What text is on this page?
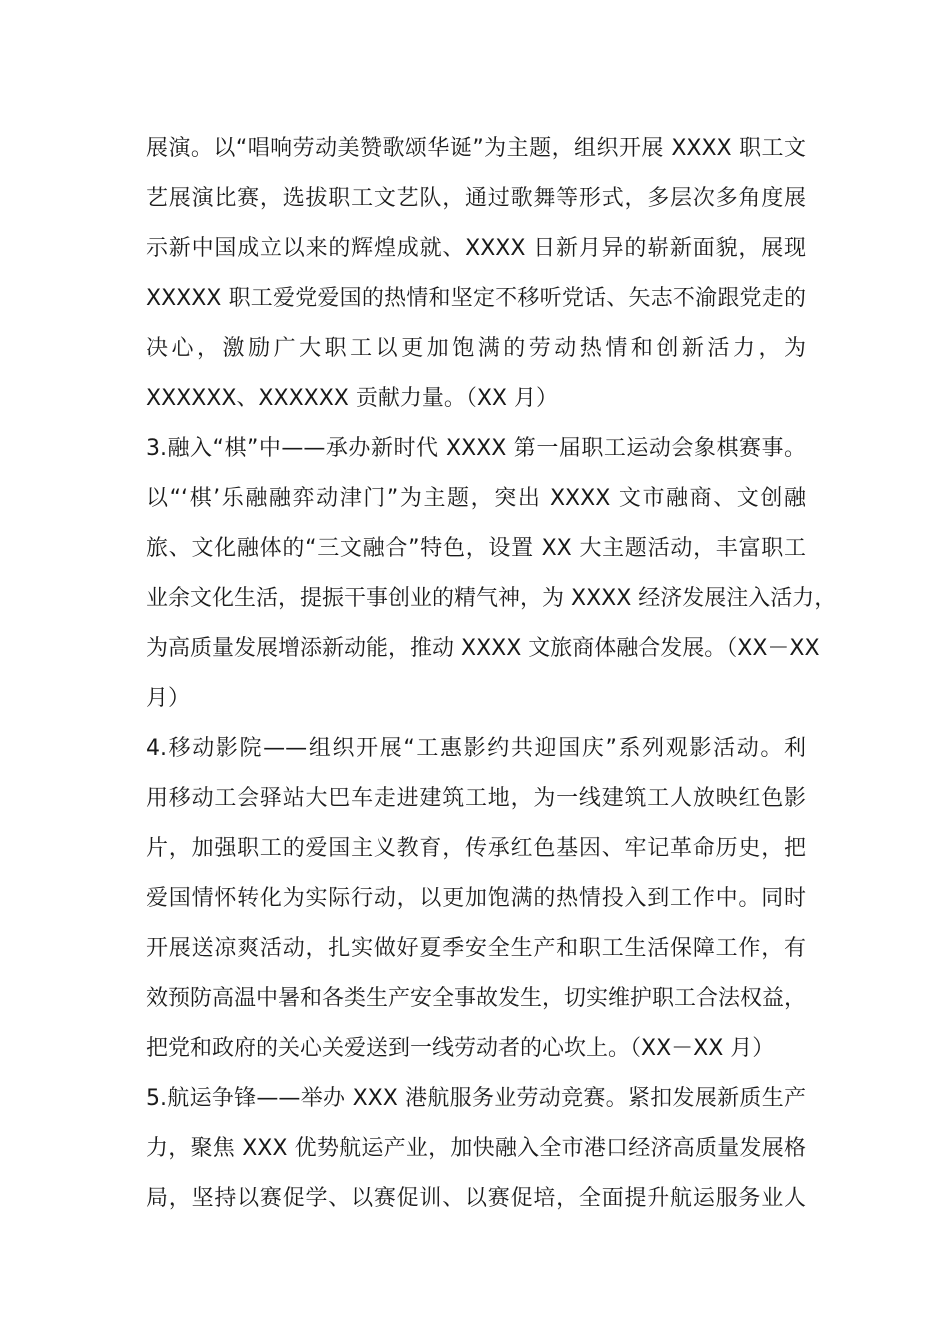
展演。以“唱响劳动美赞歌颂华诞”为主题，组织开展 XXXX 职工文
艺展演比赛，选拔职工文艺队，通过歌舞等形式，多层次多角度展
示新中国成立以来的辉煌成就、XXXX 日新月异的崭新面貌，展现
XXXXX 职工爱党爱国的热情和坚定不移听党话、矢志不渝跟党走的
决心，激励广大职工以更加饱满的劳动热情和创新活力，为
XXXXXX、XXXXXX 贡献力量。（XX 月）
3.融入“棋”中——承办新时代 XXXX 第一届职工运动会象棋赛事。
以“‘棋’乐融融弈动津门”为主题，突出 XXXX 文市融商、文创融
旅、文化融体的“三文融合”特色，设置 XX 大主题活动，丰富职工
业余文化生活，提振干事创业的精气神，为 XXXX 经济发展注入活力，
为高质量发展增添新动能，推动 XXXX 文旅商体融合发展。（XX－XX
月）
4.移动影院——组织开展“工惠影约共迎国庆”系列观影活动。利
用移动工会驿站大巴车走进建筑工地，为一线建筑工人放映红色影
片，加强职工的爱国主义教育，传承红色基因、牢记革命历史，把
爱国情怀转化为实际行动，以更加饱满的热情投入到工作中。同时
开展送凉爽活动，扎实做好夏季安全生产和职工生活保障工作，有
效预防高温中暑和各类生产安全事故发生，切实维护职工合法权益，
把党和政府的关心关爱送到一线劳动者的心坎上。（XX－XX 月）
5.航运争锋——举办 XXX 港航服务业劳动竞赛。紧扣发展新质生产
力，聚焦 XXX 优势航运产业，加快融入全市港口经济高质量发展格
局，坚持以赛促学、以赛促训、以赛促培，全面提升航运服务业人
